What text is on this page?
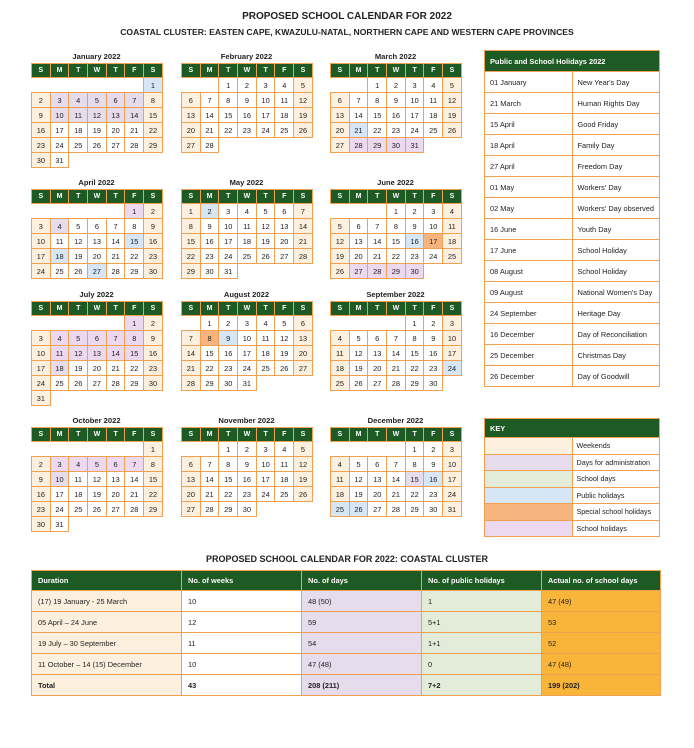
PROPOSED SCHOOL CALENDAR FOR 2022
COASTAL CLUSTER: EASTEN CAPE, KWAZULU-NATAL, NORTHERN CAPE AND WESTERN CAPE PROVINCES
January 2022
S	M	T	W	T	F	S
						1
2	3	4	5	6	7	8
9	10	11	12	13	14	15
16	17	18	19	20	21	22
23	24	25	26	27	28	29
30	31					
February 2022
S	M	T	W	T	F	S
		1	2	3	4	5
6	7	8	9	10	11	12
13	14	15	16	17	18	19
20	21	22	23	24	25	26
27	28					
March 2022
S	M	T	W	T	F	S
		1	2	3	4	5
6	7	8	9	10	11	12
13	14	15	16	17	18	19
20	21	22	23	24	25	26
27	28	29	30	31		
April 2022
S	M	T	W	T	F	S
					1	2
3	4	5	6	7	8	9
10	11	12	13	14	15	16
17	18	19	20	21	22	23
24	25	26	27	28	29	30
May 2022
S	M	T	W	T	F	S
1	2	3	4	5	6	7
8	9	10	11	12	13	14
15	16	17	18	19	20	21
22	23	24	25	26	27	28
29	30	31				
June 2022
S	M	T	W	T	F	S
			1	2	3	4
5	6	7	8	9	10	11
12	13	14	15	16	17	18
19	20	21	22	23	24	25
26	27	28	29	30		
July 2022
S	M	T	W	T	F	S
					1	2
3	4	5	6	7	8	9
10	11	12	13	14	15	16
17	18	19	20	21	22	23
24	25	26	27	28	29	30
31						
August 2022
S	M	T	W	T	F	S
	1	2	3	4	5	6
7	8	9	10	11	12	13
14	15	16	17	18	19	20
21	22	23	24	25	26	27
28	29	30	31			
September 2022
S	M	T	W	T	F	S
				1	2	3
4	5	6	7	8	9	10
11	12	13	14	15	16	17
18	19	20	21	22	23	24
25	26	27	28	29	30	
October 2022
S	M	T	W	T	F	S
						1
2	3	4	5	6	7	8
9	10	11	12	13	14	15
16	17	18	19	20	21	22
23	24	25	26	27	28	29
30	31					
November 2022
S	M	T	W	T	F	S
		1	2	3	4	5
6	7	8	9	10	11	12
13	14	15	16	17	18	19
20	21	22	23	24	25	26
27	28	29	30			
December 2022
S	M	T	W	T	F	S
				1	2	3
4	5	6	7	8	9	10
11	12	13	14	15	16	17
18	19	20	21	22	23	24
25	26	27	28	29	30	31
Public and School Holidays 2022	
01 January	New Year's Day
21 March	Human Rights Day
15 April	Good Friday
18 April	Family Day
27 April	Freedom Day
01 May	Workers' Day
02 May	Workers' Day observed
16 June	Youth Day
17 June	School Holiday
08 August	School Holiday
09 August	National Women's Day
24 September	Heritage Day
16 December	Day of Reconciliation
25 December	Christmas Day
26 December	Day of Goodwill
KEY	
	Weekends
	Days for administration
	School days
	Public holidays
	Special school holidays
	School holidays
PROPOSED SCHOOL CALENDAR FOR 2022: COASTAL CLUSTER
Duration	No. of weeks	No. of days	No. of public holidays	Actual no. of school days
(17) 19 January - 25 March	10	48 (50)	1	47 (49)
05 April – 24 June	12	59	5+1	53
19 July – 30 September	11	54	1+1	52
11 October – 14 (15) December	10	47 (48)	0	47 (48)
Total	43	208 (211)	7+2	199 (202)
